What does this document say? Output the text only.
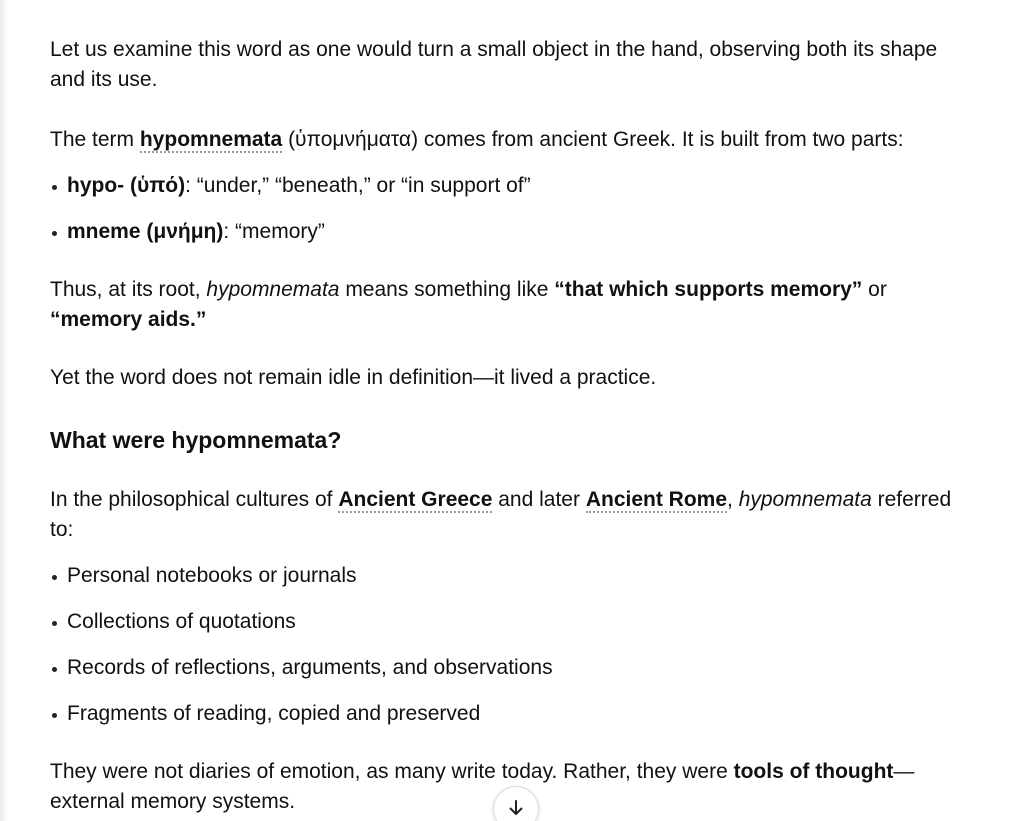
Let us examine this word as one would turn a small object in the hand, observing both its shape and its use.

The term hypomnemata (ὑπομνήματα) comes from ancient Greek. It is built from two parts:

hypo- (ὑπό): “under,” “beneath,” or “in support of”
mneme (μνήμη): “memory”

Thus, at its root, hypomnemata means something like “that which supports memory” or “memory aids.”

Yet the word does not remain idle in definition—it lived a practice.

What were hypomnemata?

In the philosophical cultures of Ancient Greece and later Ancient Rome, hypomnemata referred to:

Personal notebooks or journals
Collections of quotations
Records of reflections, arguments, and observations
Fragments of reading, copied and preserved

They were not diaries of emotion, as many write today. Rather, they were tools of thought—external memory systems.
